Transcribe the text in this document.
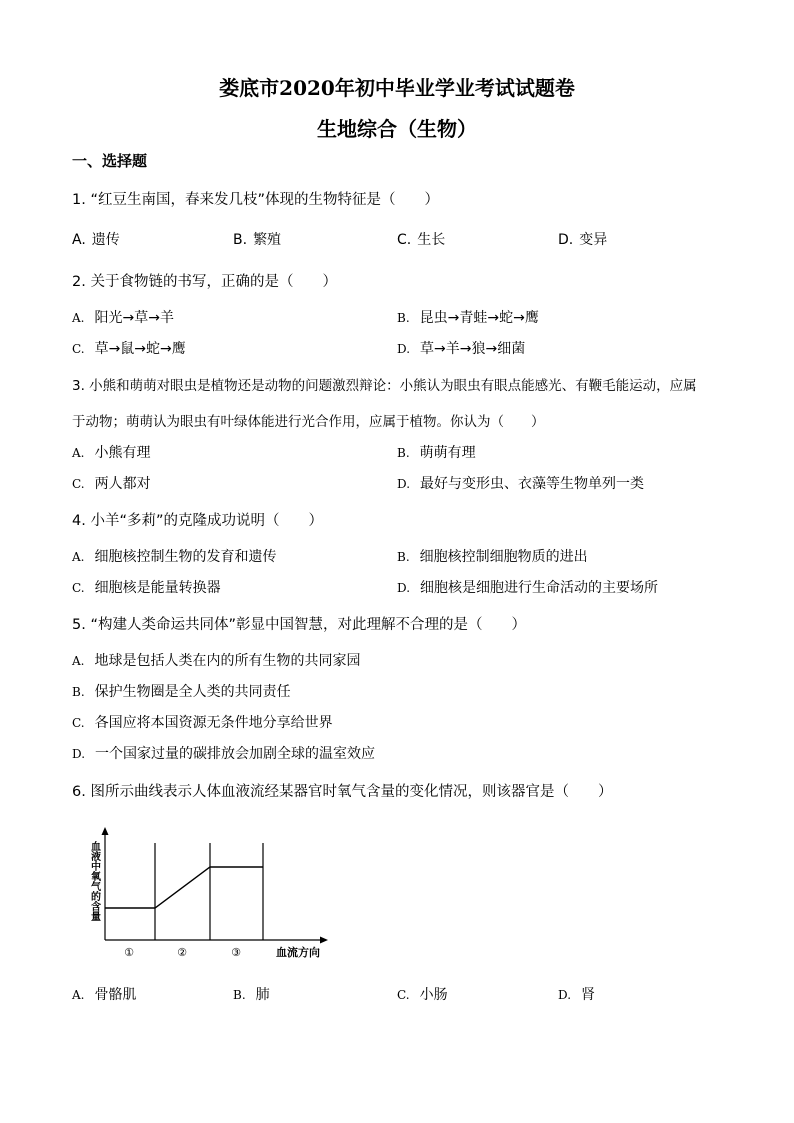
娄底市2020年初中毕业学业考试试题卷
生地综合（生物）
一、选择题
1. “红豆生南国，春来发几枝”体现的生物特征是（　　）
A. 遗传	B. 繁殖	C. 生长	D. 变异
2. 关于食物链的书写，正确的是（　　）
A. 阳光→草→羊	B. 昆虫→青蛙→蛇→鹰
C. 草→鼠→蛇→鹰	D. 草→羊→狼→细菌
3. 小熊和萌萌对眼虫是植物还是动物的问题激烈辩论：小熊认为眼虫有眼点能感光、有鞭毛能运动，应属
于动物；萌萌认为眼虫有叶绿体能进行光合作用，应属于植物。你认为（　　）
A. 小熊有理	B. 萌萌有理
C. 两人都对	D. 最好与变形虫、衣藻等生物单列一类
4. 小羊“多莉”的克隆成功说明（　　）
A. 细胞核控制生物的发育和遗传	B. 细胞核控制细胞物质的进出
C. 细胞核是能量转换器	D. 细胞核是细胞进行生命活动的主要场所
5. “构建人类命运共同体”彰显中国智慧，对此理解不合理的是（　　）
A. 地球是包括人类在内的所有生物的共同家园
B. 保护生物圈是全人类的共同责任
C. 各国应将本国资源无条件地分享给世界
D. 一个国家过量的碳排放会加剧全球的温室效应
6. 图所示曲线表示人体血液流经某器官时氧气含量的变化情况，则该器官是（　　）
血液中氧气的含量
①	②	③	血流方向
A. 骨骼肌	B. 肺	C. 小肠	D. 肾
